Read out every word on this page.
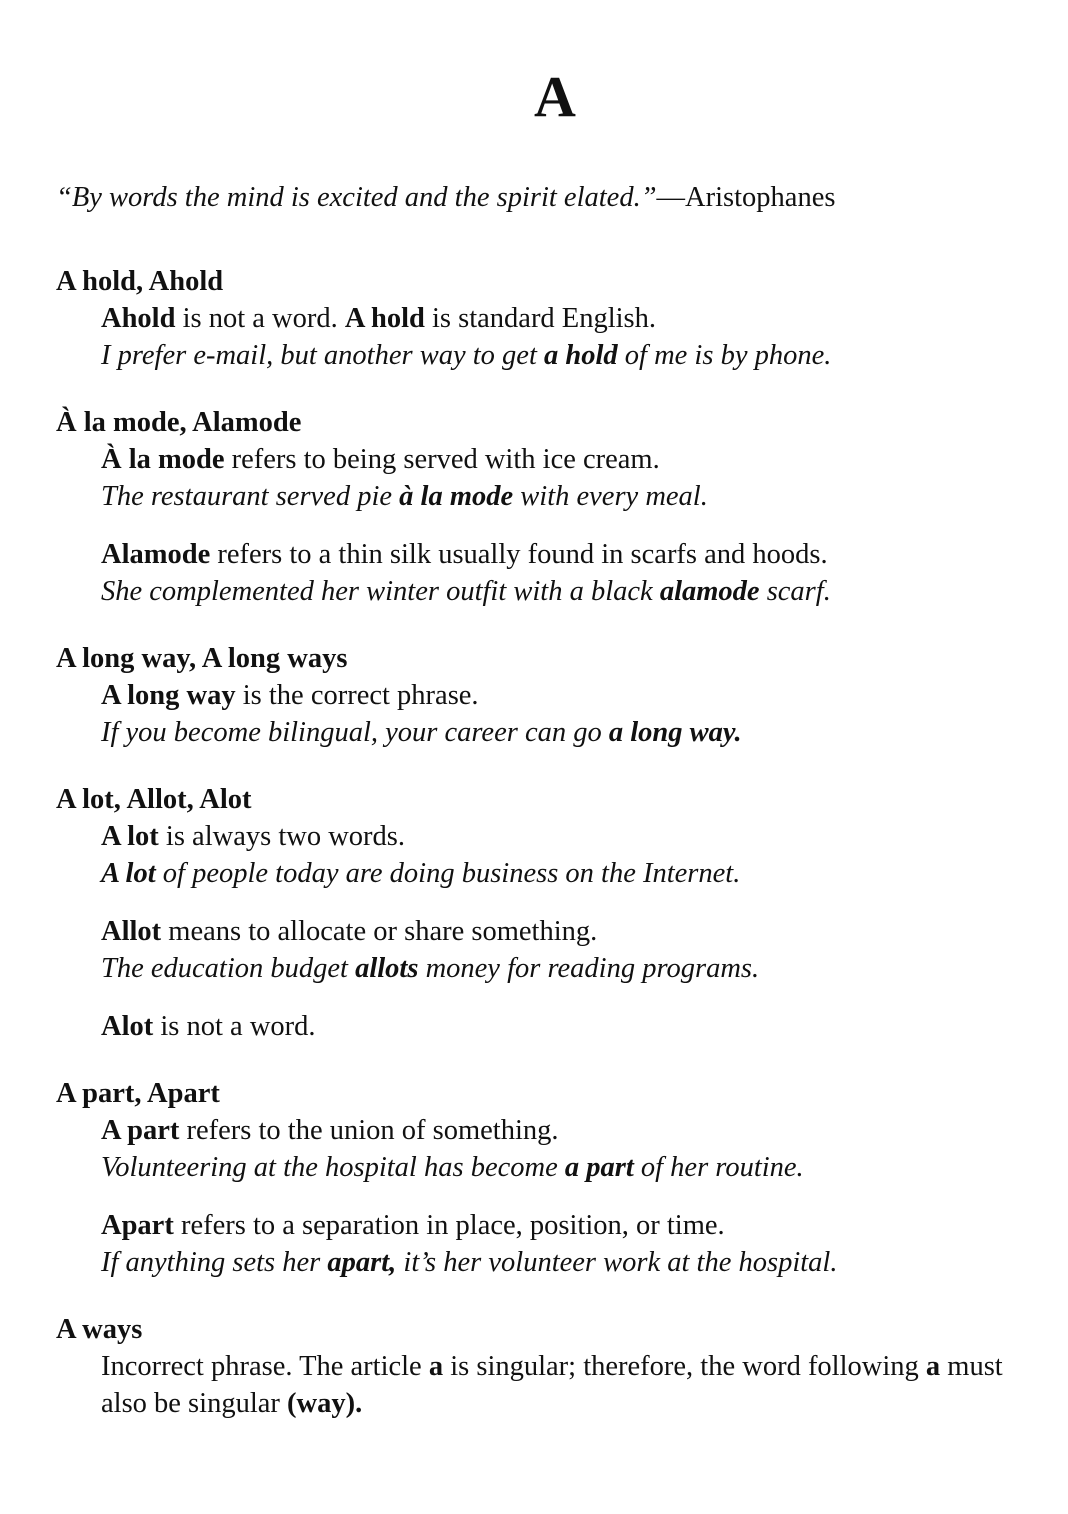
A
“By words the mind is excited and the spirit elated.”—Aristophanes
A hold, Ahold
Ahold is not a word. A hold is standard English.
I prefer e-mail, but another way to get a hold of me is by phone.
À la mode, Alamode
À la mode refers to being served with ice cream.
The restaurant served pie à la mode with every meal.
Alamode refers to a thin silk usually found in scarfs and hoods.
She complemented her winter outfit with a black alamode scarf.
A long way, A long ways
A long way is the correct phrase.
If you become bilingual, your career can go a long way.
A lot, Allot, Alot
A lot is always two words.
A lot of people today are doing business on the Internet.
Allot means to allocate or share something.
The education budget allots money for reading programs.
Alot is not a word.
A part, Apart
A part refers to the union of something.
Volunteering at the hospital has become a part of her routine.
Apart refers to a separation in place, position, or time.
If anything sets her apart, it’s her volunteer work at the hospital.
A ways
Incorrect phrase. The article a is singular; therefore, the word following a must also be singular (way).
